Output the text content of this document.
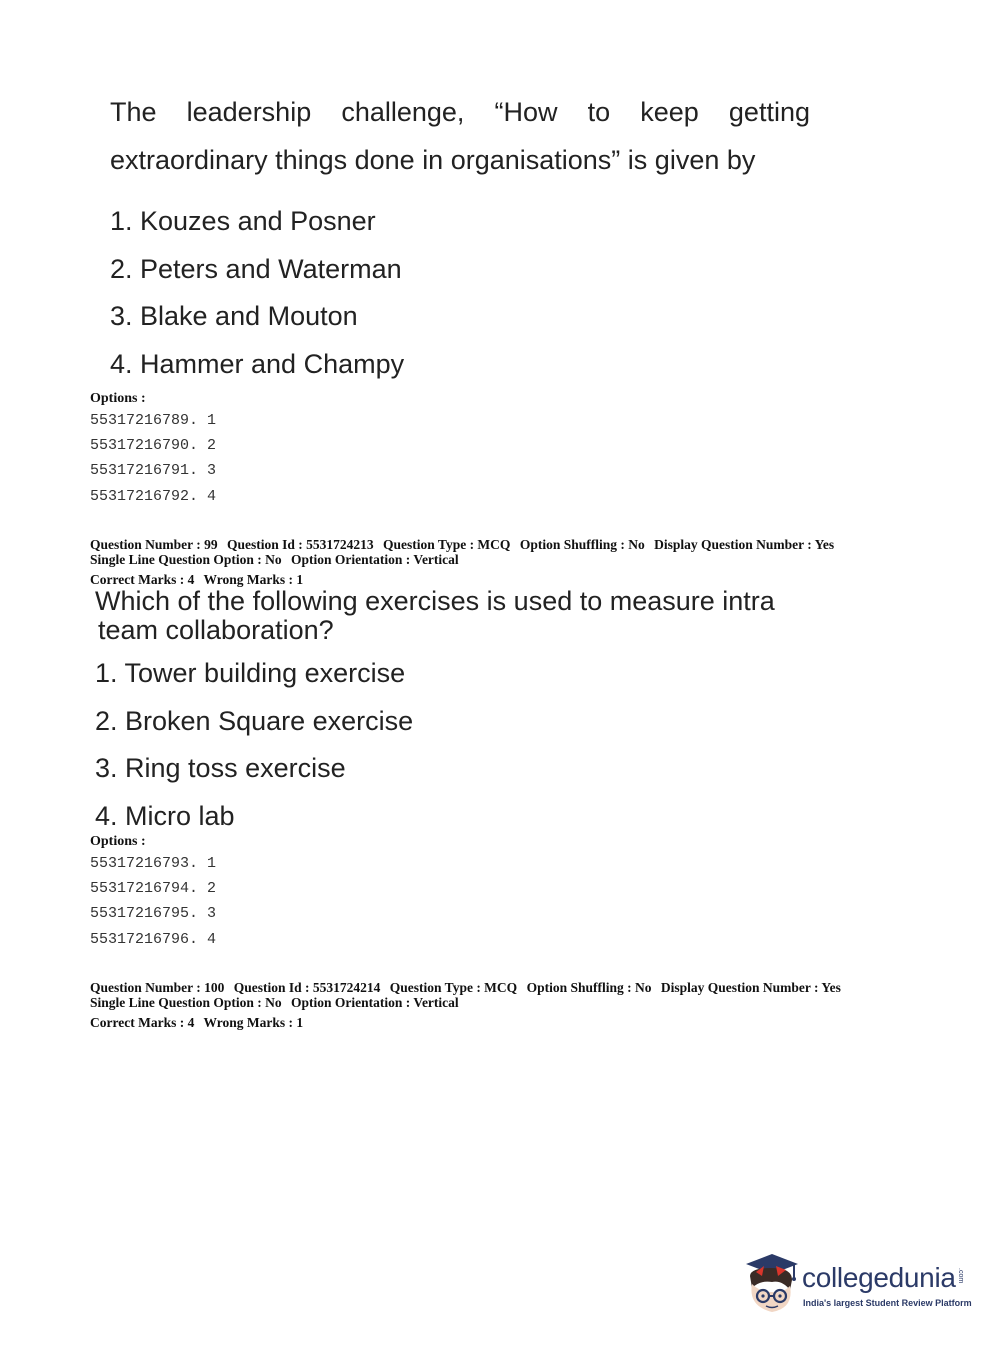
The leadership challenge, “How to keep getting
extraordinary things done in organisations” is given by
1. Kouzes and Posner
2. Peters and Waterman
3. Blake and Mouton
4. Hammer and Champy
Options :
55317216789. 1
55317216790. 2
55317216791. 3
55317216792. 4
Question Number : 99 Question Id : 5531724213 Question Type : MCQ Option Shuffling : No Display Question Number : Yes
Single Line Question Option : No Option Orientation : Vertical
Correct Marks : 4 Wrong Marks : 1
Which of the following exercises is used to measure intra
team collaboration?
1. Tower building exercise
2. Broken Square exercise
3. Ring toss exercise
4. Micro lab
Options :
55317216793. 1
55317216794. 2
55317216795. 3
55317216796. 4
Question Number : 100 Question Id : 5531724214 Question Type : MCQ Option Shuffling : No Display Question Number : Yes
Single Line Question Option : No Option Orientation : Vertical
Correct Marks : 4 Wrong Marks : 1
collegedunia .com
India's largest Student Review Platform
